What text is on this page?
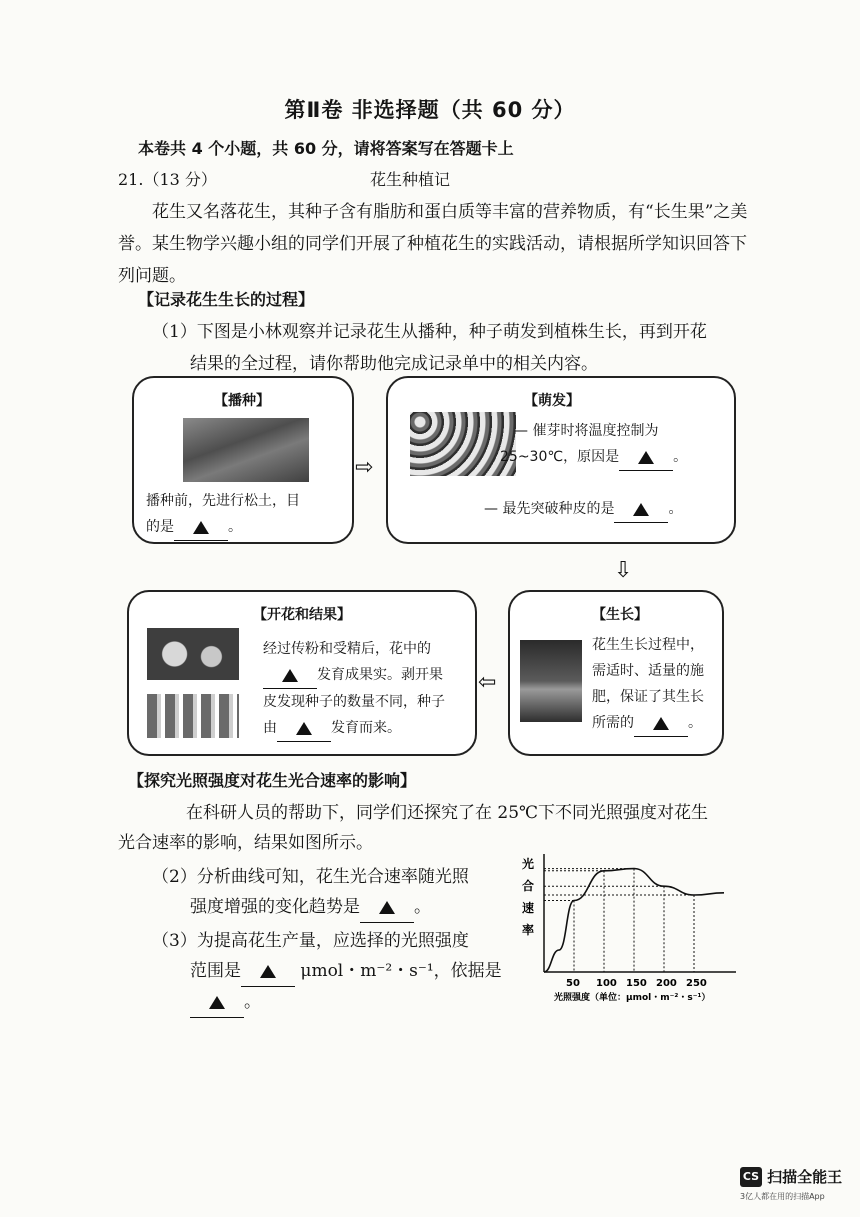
第Ⅱ卷 非选择题（共 60 分）
本卷共 4 个小题，共 60 分，请将答案写在答题卡上
21.（13 分）	花生种植记
花生又名落花生，其种子含有脂肪和蛋白质等丰富的营养物质，有“长生果”之美誉。某生物学兴趣小组的同学们开展了种植花生的实践活动，请根据所学知识回答下列问题。
【记录花生生长的过程】
（1）下图是小林观察并记录花生从播种，种子萌发到植株生长，再到开花
结果的全过程，请你帮助他完成记录单中的相关内容。
【播种】
播种前，先进行松土，目
的是	。
⇨
【萌发】
— 催芽时将温度控制为
25~30℃，原因是	。
— 最先突破种皮的是	。
⇩
【开花和结果】
经过传粉和受精后，花中的
发育成果实。剥开果
皮发现种子的数量不同，种子
由	发育而来。
⇦
【生长】
花生生长过程中，
需适时、适量的施
肥，保证了其生长
所需的	。
【探究光照强度对花生光合速率的影响】
在科研人员的帮助下，同学们还探究了在 25℃下不同光照强度对花生
光合速率的影响，结果如图所示。
（2）分析曲线可知，花生光合速率随光照
强度增强的变化趋势是	。
（3）为提高花生产量，应选择的光照强度
范围是	μmol・m⁻²・s⁻¹，依据是
。
光
合
速
率
50 100 150 200 250
光照强度（单位：μmol・m⁻²・s⁻¹）
CS 扫描全能王
3亿人都在用的扫描App
